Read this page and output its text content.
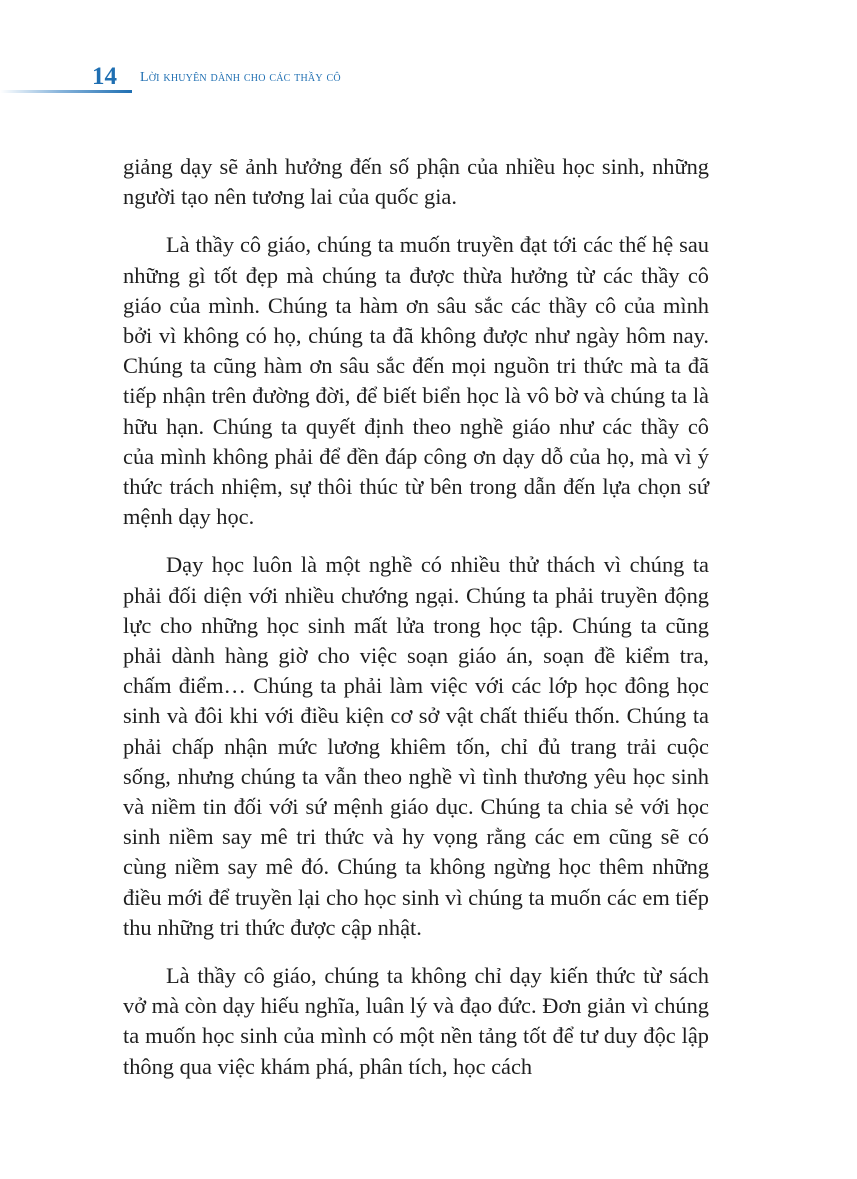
14 Lời khuyên dành cho các thầy cô

giảng dạy sẽ ảnh hưởng đến số phận của nhiều học sinh, những người tạo nên tương lai của quốc gia.

Là thầy cô giáo, chúng ta muốn truyền đạt tới các thế hệ sau những gì tốt đẹp mà chúng ta được thừa hưởng từ các thầy cô giáo của mình. Chúng ta hàm ơn sâu sắc các thầy cô của mình bởi vì không có họ, chúng ta đã không được như ngày hôm nay. Chúng ta cũng hàm ơn sâu sắc đến mọi nguồn tri thức mà ta đã tiếp nhận trên đường đời, để biết biển học là vô bờ và chúng ta là hữu hạn. Chúng ta quyết định theo nghề giáo như các thầy cô của mình không phải để đền đáp công ơn dạy dỗ của họ, mà vì ý thức trách nhiệm, sự thôi thúc từ bên trong dẫn đến lựa chọn sứ mệnh dạy học.

Dạy học luôn là một nghề có nhiều thử thách vì chúng ta phải đối diện với nhiều chướng ngại. Chúng ta phải truyền động lực cho những học sinh mất lửa trong học tập. Chúng ta cũng phải dành hàng giờ cho việc soạn giáo án, soạn đề kiểm tra, chấm điểm… Chúng ta phải làm việc với các lớp học đông học sinh và đôi khi với điều kiện cơ sở vật chất thiếu thốn. Chúng ta phải chấp nhận mức lương khiêm tốn, chỉ đủ trang trải cuộc sống, nhưng chúng ta vẫn theo nghề vì tình thương yêu học sinh và niềm tin đối với sứ mệnh giáo dục. Chúng ta chia sẻ với học sinh niềm say mê tri thức và hy vọng rằng các em cũng sẽ có cùng niềm say mê đó. Chúng ta không ngừng học thêm những điều mới để truyền lại cho học sinh vì chúng ta muốn các em tiếp thu những tri thức được cập nhật.

Là thầy cô giáo, chúng ta không chỉ dạy kiến thức từ sách vở mà còn dạy hiếu nghĩa, luân lý và đạo đức. Đơn giản vì chúng ta muốn học sinh của mình có một nền tảng tốt để tư duy độc lập thông qua việc khám phá, phân tích, học cách
